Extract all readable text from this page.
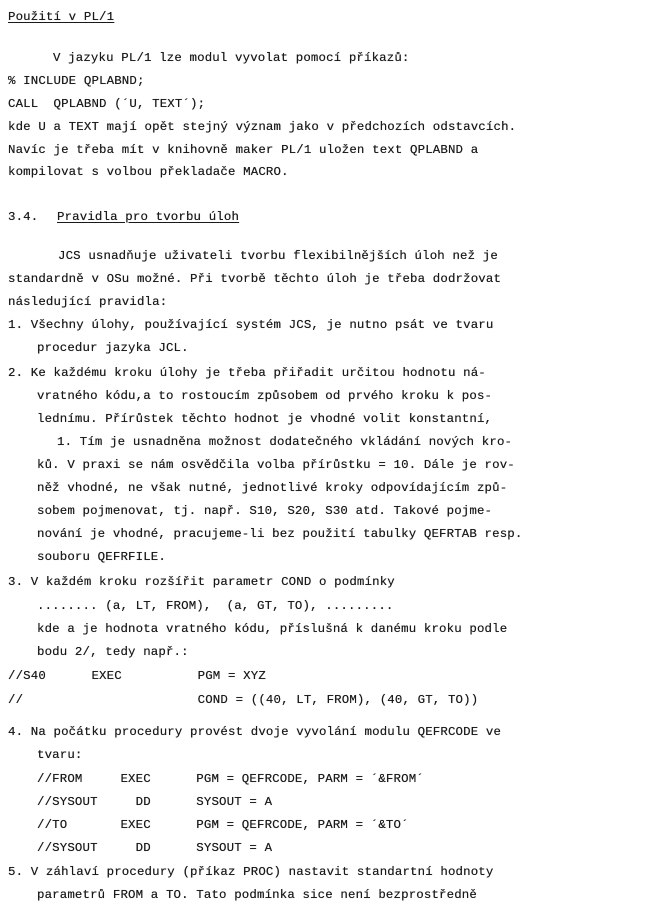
Použití v PL/1
V jazyku PL/1 lze modul vyvolat pomocí příkazů:
% INCLUDE QPLABND;
CALL  QPLABND (´U, TEXT´);
kde U a TEXT mají opět stejný význam jako v předchozích odstavcích.
Navíc je třeba mít v knihovně maker PL/1 uložen text QPLABND a
kompilovat s volbou překladače MACRO.
3.4. Pravidla pro tvorbu úloh
JCS usnadňuje uživateli tvorbu flexibilnějších úloh než je
standardně v OSu možné. Při tvorbě těchto úloh je třeba dodržovat
následující pravidla:
1. Všechny úlohy, používající systém JCS, je nutno psát ve tvaru
procedur jazyka JCL.
2. Ke každému kroku úlohy je třeba přiřadit určitou hodnotu ná-
vratného kódu,a to rostoucím způsobem od prvého kroku k pos-
lednímu. Přírůstek těchto hodnot je vhodné volit konstantní,
1. Tím je usnadněna možnost dodatečného vkládání nových kro-
ků. V praxi se nám osvědčila volba přírůstku = 10. Dále je rov-
něž vhodné, ne však nutné, jednotlivé kroky odpovídajícím způ-
sobem pojmenovat, tj. např. S10, S20, S30 atd. Takové pojme-
nování je vhodné, pracujeme-li bez použití tabulky QEFRTAB resp.
souboru QEFRFILE.
3. V každém kroku rozšířit parametr COND o podmínky
........ (a, LT, FROM),  (a, GT, TO), .........
kde a je hodnota vratného kódu, příslušná k danému kroku podle
bodu 2/, tedy např.:
//S40      EXEC          PGM = XYZ
//                       COND = ((40, LT, FROM), (40, GT, TO))
4. Na počátku procedury provést dvoje vyvolání modulu QEFRCODE ve
tvaru:
//FROM     EXEC      PGM = QEFRCODE, PARM = ´&FROM´
//SYSOUT     DD      SYSOUT = A
//TO       EXEC      PGM = QEFRCODE, PARM = ´&TO´
//SYSOUT     DD      SYSOUT = A
5. V záhlaví procedury (příkaz PROC) nastavit standartní hodnoty
parametrů FROM a TO. Tato podmínka sice není bezprostředně
